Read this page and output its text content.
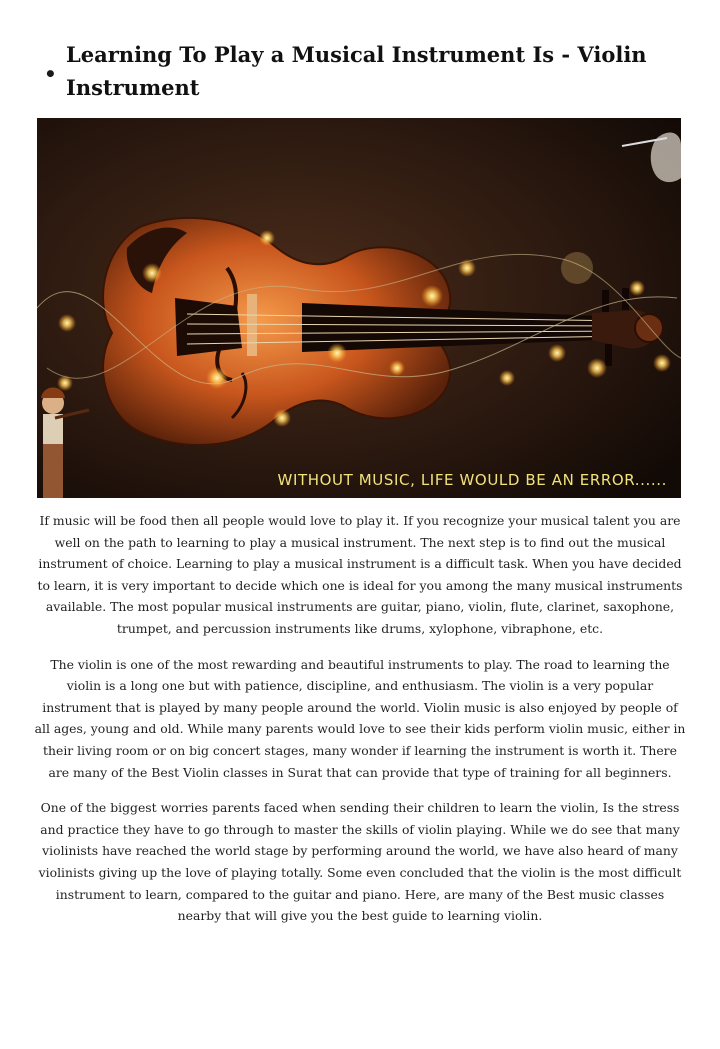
•
Learning To Play a Musical Instrument Is - Violin Instrument
WITHOUT MUSIC, LIFE WOULD BE AN ERROR......

If music will be food then all people would love to play it. If you recognize your musical talent you are well on the path to learning to play a musical instrument. The next step is to find out the musical instrument of choice. Learning to play a musical instrument is a difficult task. When you have decided to learn, it is very important to decide which one is ideal for you among the many musical instruments available. The most popular musical instruments are guitar, piano, violin, flute, clarinet, saxophone, trumpet, and percussion instruments like drums, xylophone, vibraphone, etc.

The violin is one of the most rewarding and beautiful instruments to play. The road to learning the violin is a long one but with patience, discipline, and enthusiasm. The violin is a very popular instrument that is played by many people around the world. Violin music is also enjoyed by people of all ages, young and old. While many parents would love to see their kids perform violin music, either in their living room or on big concert stages, many wonder if learning the instrument is worth it. There are many of the Best Violin classes in Surat that can provide that type of training for all beginners.

One of the biggest worries parents faced when sending their children to learn the violin, Is the stress and practice they have to go through to master the skills of violin playing. While we do see that many violinists have reached the world stage by performing around the world, we have also heard of many violinists giving up the love of playing totally. Some even concluded that the violin is the most difficult instrument to learn, compared to the guitar and piano. Here, are many of the Best music classes nearby that will give you the best guide to learning violin.
